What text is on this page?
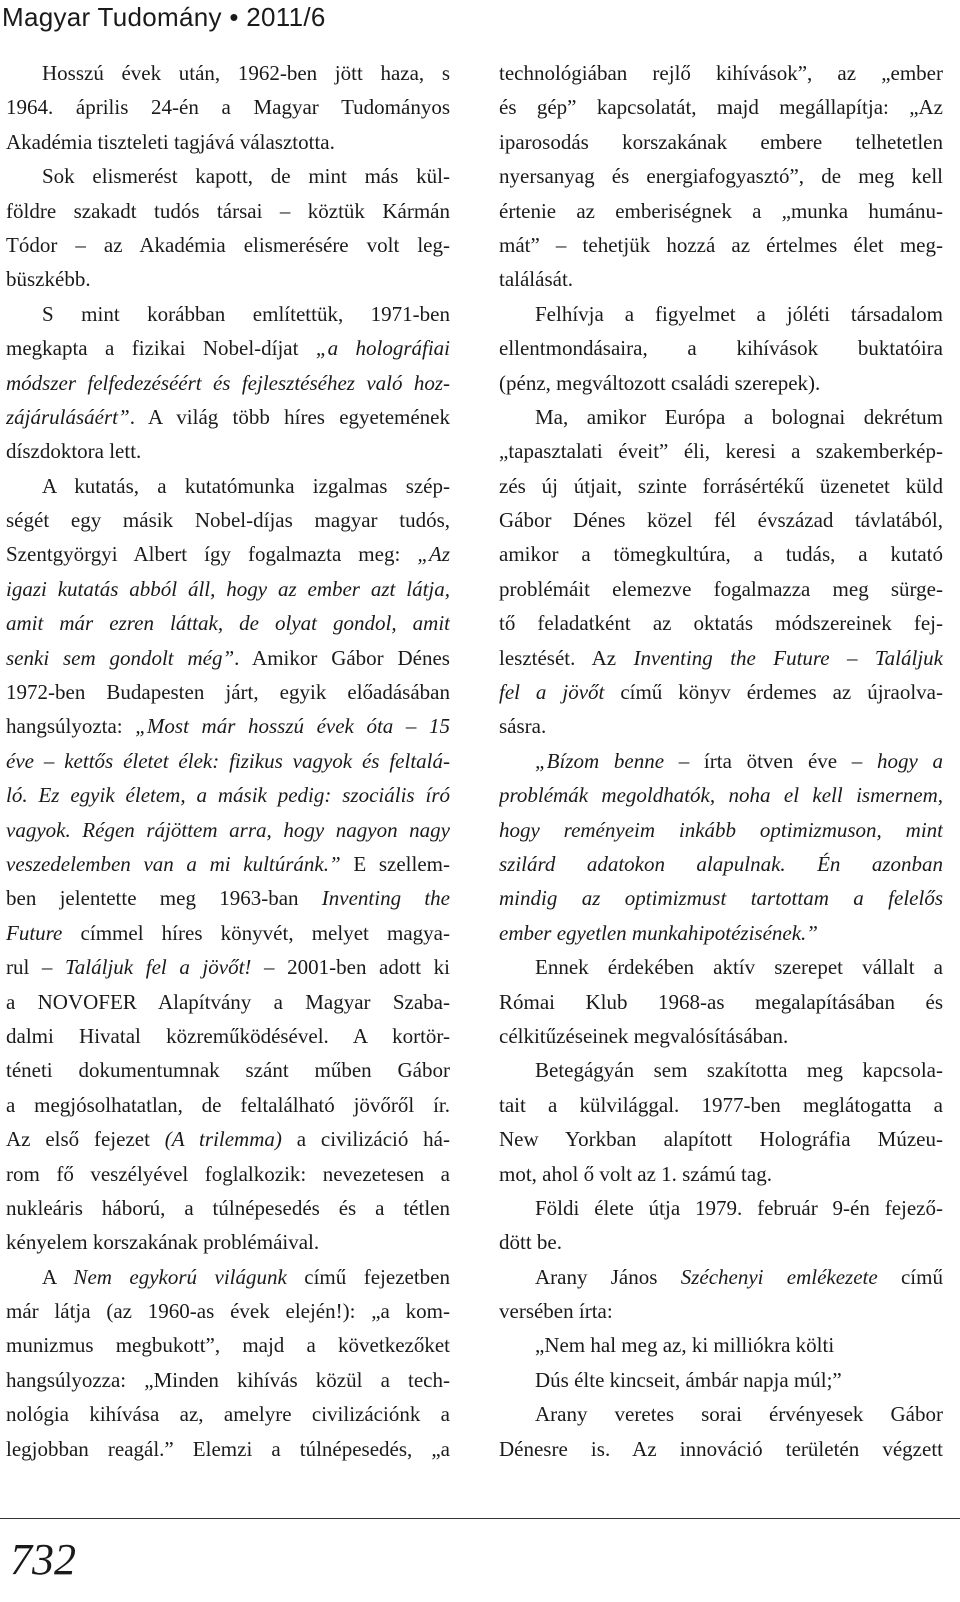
Magyar Tudomány • 2011/6
Hosszú évek után, 1962-ben jött haza, s
1964. április 24-én a Magyar Tudományos
Akadémia tiszteleti tagjává választotta.
Sok elismerést kapott, de mint más kül-
földre szakadt tudós társai – köztük Kármán
Tódor – az Akadémia elismerésére volt leg-
büszkébb.
S mint korábban említettük, 1971-ben
megkapta a fizikai Nobel-díjat „a holográfiai
módszer felfedezéséért és fejlesztéséhez való hoz-
zájárulásáért”. A világ több híres egyetemének
díszdoktora lett.
A kutatás, a kutatómunka izgalmas szép-
ségét egy másik Nobel-díjas magyar tudós,
Szentgyörgyi Albert így fogalmazta meg: „Az
igazi kutatás abból áll, hogy az ember azt látja,
amit már ezren láttak, de olyat gondol, amit
senki sem gondolt még”. Amikor Gábor Dénes
1972-ben Budapesten járt, egyik előadásában
hangsúlyozta: „Most már hosszú évek óta – 15
éve – kettős életet élek: fizikus vagyok és feltalá-
ló. Ez egyik életem, a másik pedig: szociális író
vagyok. Régen rájöttem arra, hogy nagyon nagy
veszedelemben van a mi kultúránk.” E szellem-
ben jelentette meg 1963-ban Inventing the
Future címmel híres könyvét, melyet magya-
rul – Találjuk fel a jövőt! – 2001-ben adott ki
a NOVOFER Alapítvány a Magyar Szaba-
dalmi Hivatal közreműködésével. A kortör-
téneti dokumentumnak szánt műben Gábor
a megjósolhatatlan, de feltalálható jövőről ír.
Az első fejezet (A trilemma) a civilizáció há-
rom fő veszélyével foglalkozik: nevezetesen a
nukleáris háború, a túlnépesedés és a tétlen
kényelem korszakának problémáival.
A Nem egykorú világunk című fejezetben
már látja (az 1960-as évek elején!): „a kom-
munizmus megbukott”, majd a következőket
hangsúlyozza: „Minden kihívás közül a tech-
nológia kihívása az, amelyre civilizációnk a
legjobban reagál.” Elemzi a túlnépesedés, „a
technológiában rejlő kihívások”, az „ember
és gép” kapcsolatát, majd megállapítja: „Az
iparosodás korszakának embere telhetetlen
nyersanyag és energiafogyasztó”, de meg kell
értenie az emberiségnek a „munka humánu-
mát” – tehetjük hozzá az értelmes élet meg-
találását.
Felhívja a figyelmet a jóléti társadalom
ellentmondásaira, a kihívások buktatóira
(pénz, megváltozott családi szerepek).
Ma, amikor Európa a bolognai dekrétum
„tapasztalati éveit” éli, keresi a szakemberkép-
zés új útjait, szinte forrásértékű üzenetet küld
Gábor Dénes közel fél évszázad távlatából,
amikor a tömegkultúra, a tudás, a kutató
problémáit elemezve fogalmazza meg sürge-
tő feladatként az oktatás módszereinek fej-
lesztését. Az Inventing the Future – Találjuk
fel a jövőt című könyv érdemes az újraolva-
sásra.
„Bízom benne – írta ötven éve – hogy a
problémák megoldhatók, noha el kell ismernem,
hogy reményeim inkább optimizmuson, mint
szilárd adatokon alapulnak. Én azonban
mindig az optimizmust tartottam a felelős
ember egyetlen munkahipotézisének.”
Ennek érdekében aktív szerepet vállalt a
Római Klub 1968-as megalapításában és
célkitűzéseinek megvalósításában.
Betegágyán sem szakította meg kapcsola-
tait a külvilággal. 1977-ben meglátogatta a
New Yorkban alapított Holográfia Múzeu-
mot, ahol ő volt az 1. számú tag.
Földi élete útja 1979. február 9-én fejező-
dött be.
Arany János Széchenyi emlékezete című
versében írta:
„Nem hal meg az, ki milliókra költi
Dús élte kincseit, ámbár napja múl;”
Arany veretes sorai érvényesek Gábor
Dénesre is. Az innováció területén végzett
732
